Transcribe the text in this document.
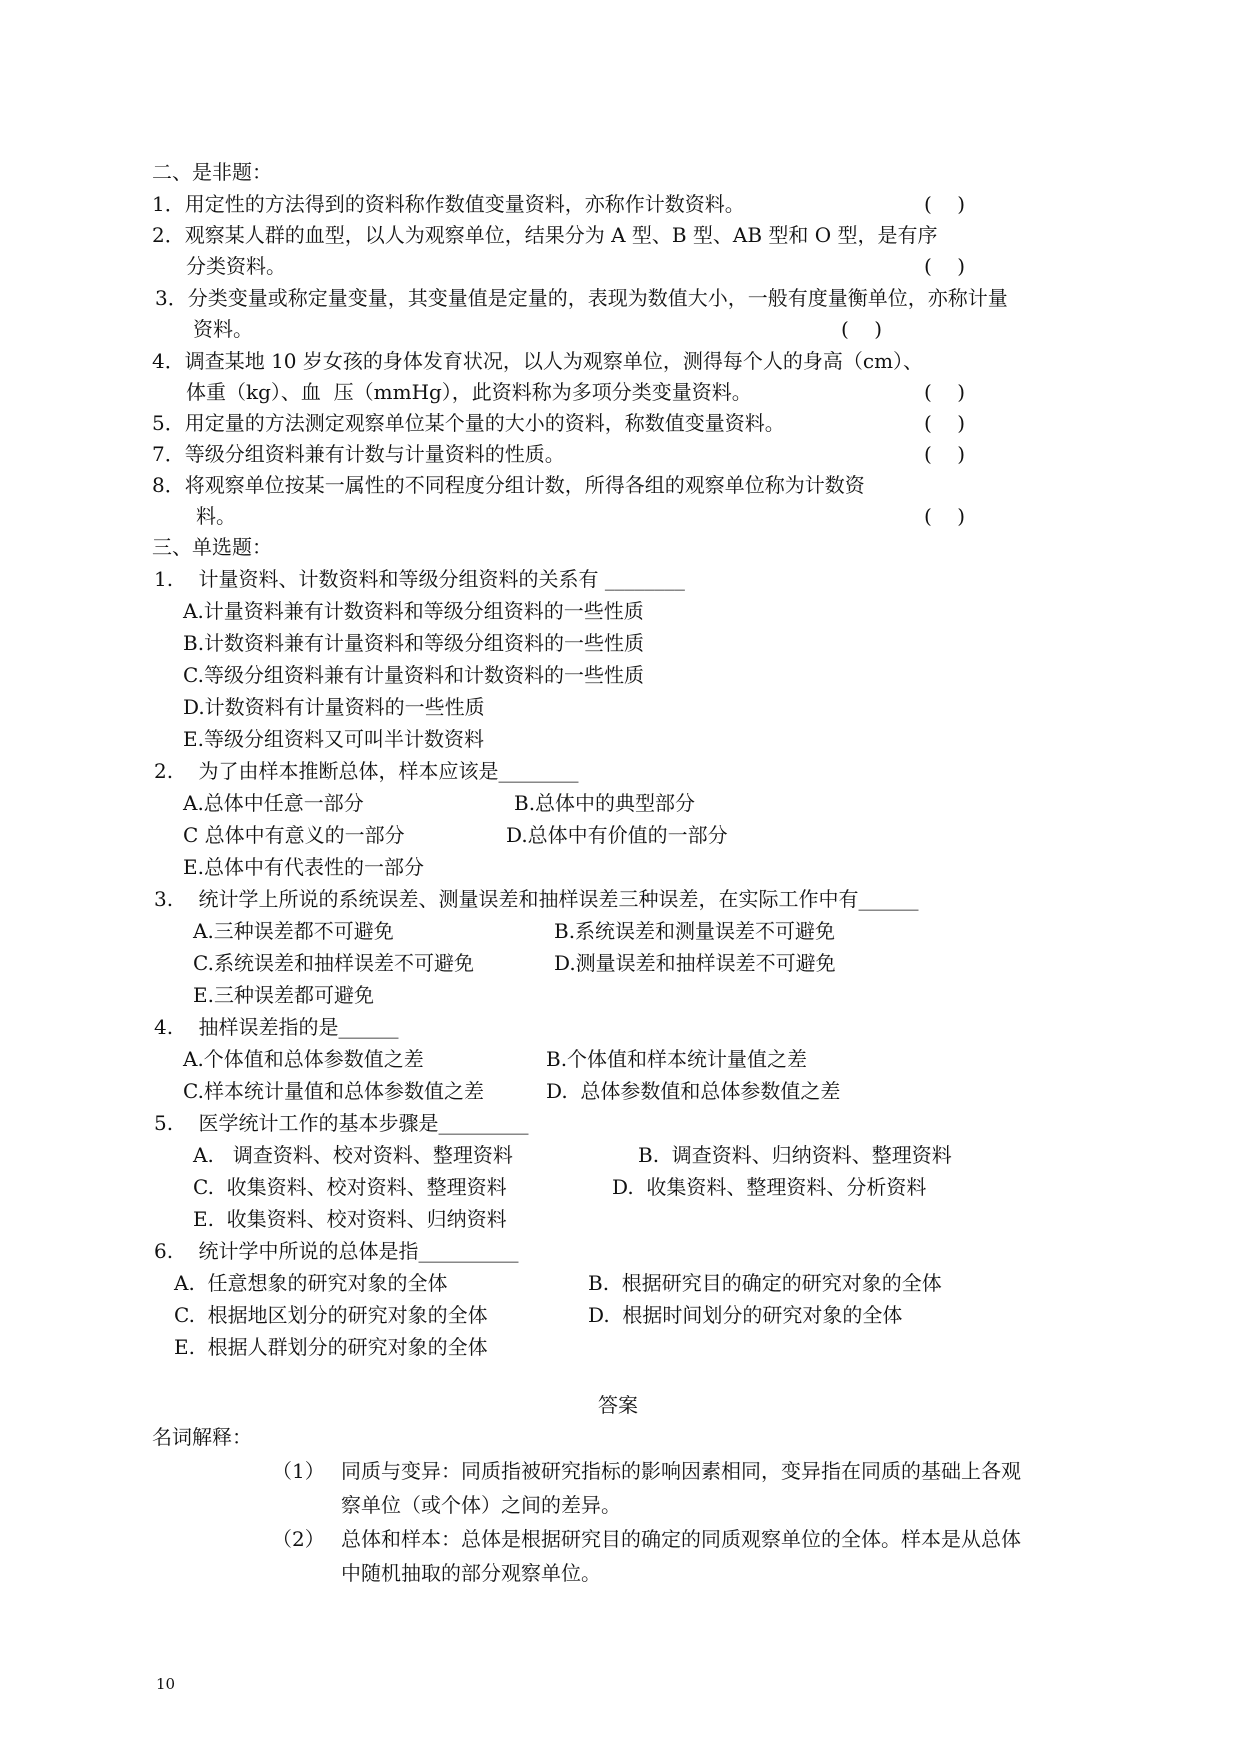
二、是非题：
1．用定性的方法得到的资料称作数值变量资料，亦称作计数资料。	(    )
2．观察某人群的血型，以人为观察单位，结果分为 A 型、B 型、AB 型和 O 型，是有序
分类资料。	(    )
3．分类变量或称定量变量，其变量值是定量的，表现为数值大小，一般有度量衡单位，亦称计量
资料。	(    )
4．调查某地 10 岁女孩的身体发育状况，以人为观察单位，测得每个人的身高（cm）、
体重（kg）、血  压（mmHg），此资料称为多项分类变量资料。	(    )
5．用定量的方法测定观察单位某个量的大小的资料，称数值变量资料。	(    )
7．等级分组资料兼有计数与计量资料的性质。	(    )
8．将观察单位按某一属性的不同程度分组计数，所得各组的观察单位称为计数资
料。	(    )
三、单选题：
1.    计量资料、计数资料和等级分组资料的关系有 ________
A.计量资料兼有计数资料和等级分组资料的一些性质
B.计数资料兼有计量资料和等级分组资料的一些性质
C.等级分组资料兼有计量资料和计数资料的一些性质
D.计数资料有计量资料的一些性质
E.等级分组资料又可叫半计数资料
2.    为了由样本推断总体，样本应该是________
A.总体中任意一部分	B.总体中的典型部分
C 总体中有意义的一部分	D.总体中有价值的一部分
E.总体中有代表性的一部分
3.    统计学上所说的系统误差、测量误差和抽样误差三种误差，在实际工作中有______
A.三种误差都不可避免	B.系统误差和测量误差不可避免
C.系统误差和抽样误差不可避免	D.测量误差和抽样误差不可避免
E.三种误差都可避免
4.    抽样误差指的是______
A.个体值和总体参数值之差	B.个体值和样本统计量值之差
C.样本统计量值和总体参数值之差	D.  总体参数值和总体参数值之差
5.    医学统计工作的基本步骤是_________
A.   调查资料、校对资料、整理资料	B.  调查资料、归纳资料、整理资料
C.  收集资料、校对资料、整理资料	D.  收集资料、整理资料、分析资料
E.  收集资料、校对资料、归纳资料
6.    统计学中所说的总体是指__________
A.  任意想象的研究对象的全体	B.  根据研究目的确定的研究对象的全体
C.  根据地区划分的研究对象的全体	D.  根据时间划分的研究对象的全体
E.  根据人群划分的研究对象的全体
答案
名词解释：
（1） 同质与变异：同质指被研究指标的影响因素相同，变异指在同质的基础上各观
察单位（或个体）之间的差异。
（2） 总体和样本：总体是根据研究目的确定的同质观察单位的全体。样本是从总体
中随机抽取的部分观察单位。
10
